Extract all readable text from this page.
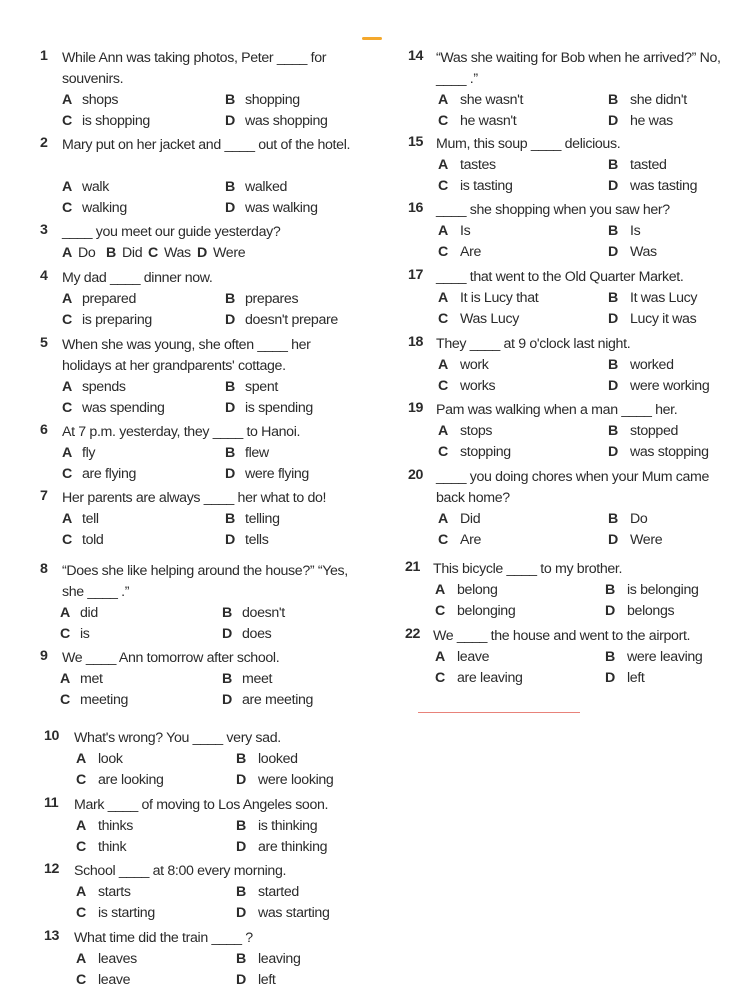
1	While Ann was taking photos, Peter ____ for souvenirs.
A shops	B shopping
C is shopping	D was shopping
2	Mary put on her jacket and ____ out of the hotel.
A walk	B walked
C walking	D was walking
3	____ you meet our guide yesterday?
A Do B Did C Was D Were
4	My dad ____ dinner now.
A prepared	B prepares
C is preparing	D doesn't prepare
5	When she was young, she often ____ her holidays at her grandparents' cottage.
A spends	B spent
C was spending	D is spending
6	At 7 p.m. yesterday, they ____ to Hanoi.
A fly	B flew
C are flying	D were flying
7	Her parents are always ____ her what to do!
A tell	B telling
C told	D tells
8	“Does she like helping around the house?” “Yes, she ____ .”
A did	B doesn't
C is	D does
9	We ____ Ann tomorrow after school.
A met	B meet
C meeting	D are meeting
10	What's wrong? You ____ very sad.
A look	B looked
C are looking	D were looking
11	Mark ____ of moving to Los Angeles soon.
A thinks	B is thinking
C think	D are thinking
12	School ____ at 8:00 every morning.
A starts	B started
C is starting	D was starting
13	What time did the train ____ ?
A leaves	B leaving
C leave	D left
14 “Was she waiting for Bob when he arrived?” No, ____ .”
A she wasn't	B she didn't
C he wasn't	D he was
15 Mum, this soup ____ delicious.
A tastes	B tasted
C is tasting	D was tasting
16 ____ she shopping when you saw her?
A Is	B Is
C Are	D Was
17 ____ that went to the Old Quarter Market.
A It is Lucy that	B It was Lucy
C Was Lucy	D Lucy it was
18 They ____ at 9 o'clock last night.
A work	B worked
C works	D were working
19 Pam was walking when a man ____ her.
A stops	B stopped
C stopping	D was stopping
20 ____ you doing chores when your Mum came back home?
A Did	B Do
C Are	D Were
21 This bicycle ____ to my brother.
A belong	B is belonging
C belonging	D belongs
22 We ____ the house and went to the airport.
A leave	B were leaving
C are leaving	D left
